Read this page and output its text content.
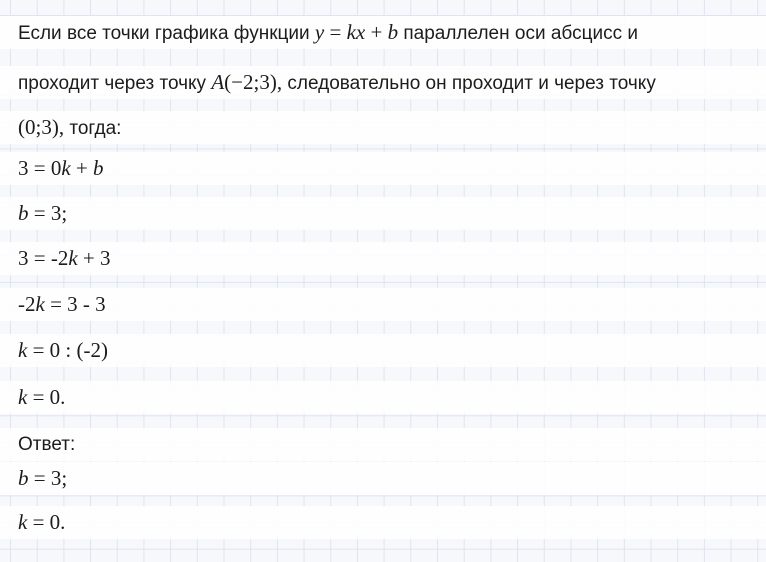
Если все точки графика функции y = kx + b параллелен оси абсцисс и
проходит через точку A(−2;3), следовательно он проходит и через точку
(0;3), тогда:
3 = 0k + b
b = 3;
3 = -2k + 3
-2k = 3 - 3
k = 0 : (-2)
k = 0.
Ответ:
b = 3;
k = 0.
